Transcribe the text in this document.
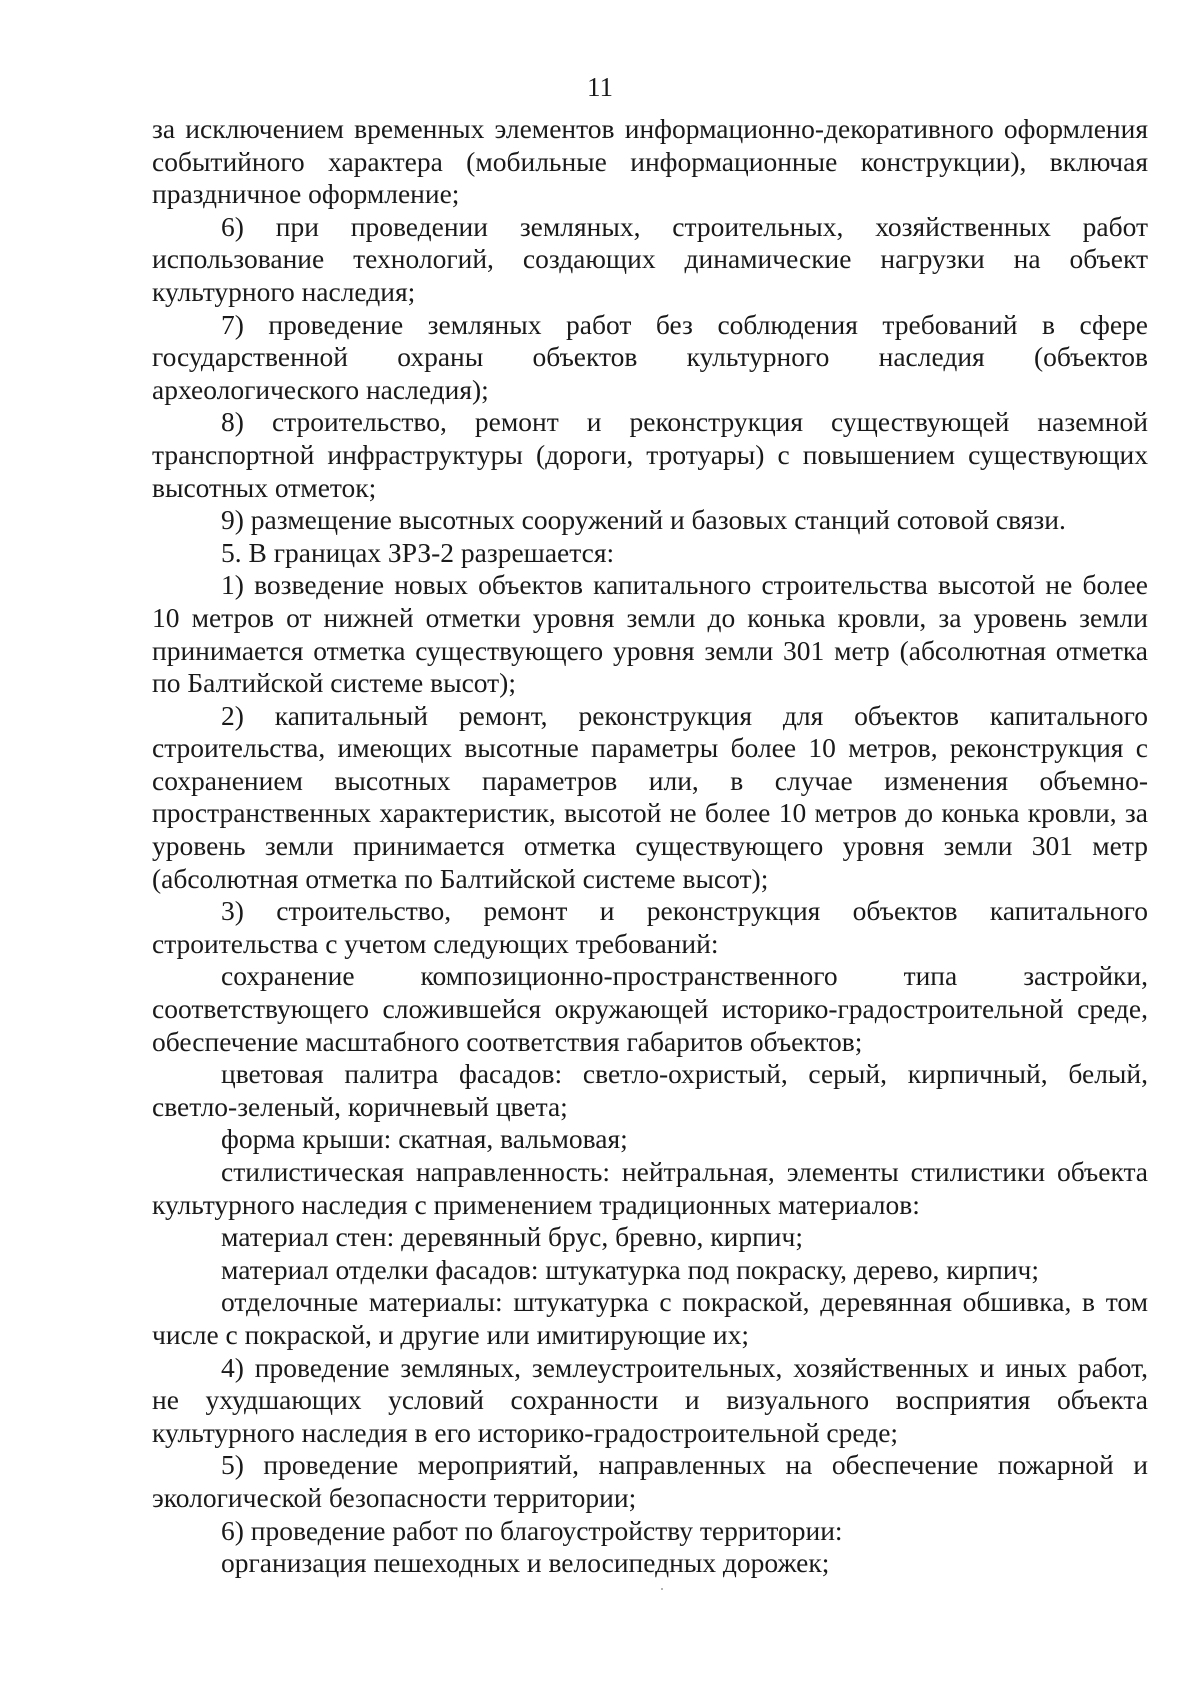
11

за исключением временных элементов информационно-декоративного оформления событийного характера (мобильные информационные конструкции), включая праздничное оформление;

6) при проведении земляных, строительных, хозяйственных работ использование технологий, создающих динамические нагрузки на объект культурного наследия;

7) проведение земляных работ без соблюдения требований в сфере государственной охраны объектов культурного наследия (объектов археологического наследия);

8) строительство, ремонт и реконструкция существующей наземной транспортной инфраструктуры (дороги, тротуары) с повышением существующих высотных отметок;

9) размещение высотных сооружений и базовых станций сотовой связи.

5. В границах ЗРЗ-2 разрешается:

1) возведение новых объектов капитального строительства высотой не более 10 метров от нижней отметки уровня земли до конька кровли, за уровень земли принимается отметка существующего уровня земли 301 метр (абсолютная отметка по Балтийской системе высот);

2) капитальный ремонт, реконструкция для объектов капитального строительства, имеющих высотные параметры более 10 метров, реконструкция с сохранением высотных параметров или, в случае изменения объемно-пространственных характеристик, высотой не более 10 метров до конька кровли, за уровень земли принимается отметка существующего уровня земли 301 метр (абсолютная отметка по Балтийской системе высот);

3) строительство, ремонт и реконструкция объектов капитального строительства с учетом следующих требований:

сохранение композиционно-пространственного типа застройки, соответствующего сложившейся окружающей историко-градостроительной среде, обеспечение масштабного соответствия габаритов объектов;

цветовая палитра фасадов: светло-охристый, серый, кирпичный, белый, светло-зеленый, коричневый цвета;

форма крыши: скатная, вальмовая;

стилистическая направленность: нейтральная, элементы стилистики объекта культурного наследия с применением традиционных материалов:

материал стен: деревянный брус, бревно, кирпич;

материал отделки фасадов: штукатурка под покраску, дерево, кирпич;

отделочные материалы: штукатурка с покраской, деревянная обшивка, в том числе с покраской, и другие или имитирующие их;

4) проведение земляных, землеустроительных, хозяйственных и иных работ, не ухудшающих условий сохранности и визуального восприятия объекта культурного наследия в его историко-градостроительной среде;

5) проведение мероприятий, направленных на обеспечение пожарной и экологической безопасности территории;

6) проведение работ по благоустройству территории:

организация пешеходных и велосипедных дорожек;
